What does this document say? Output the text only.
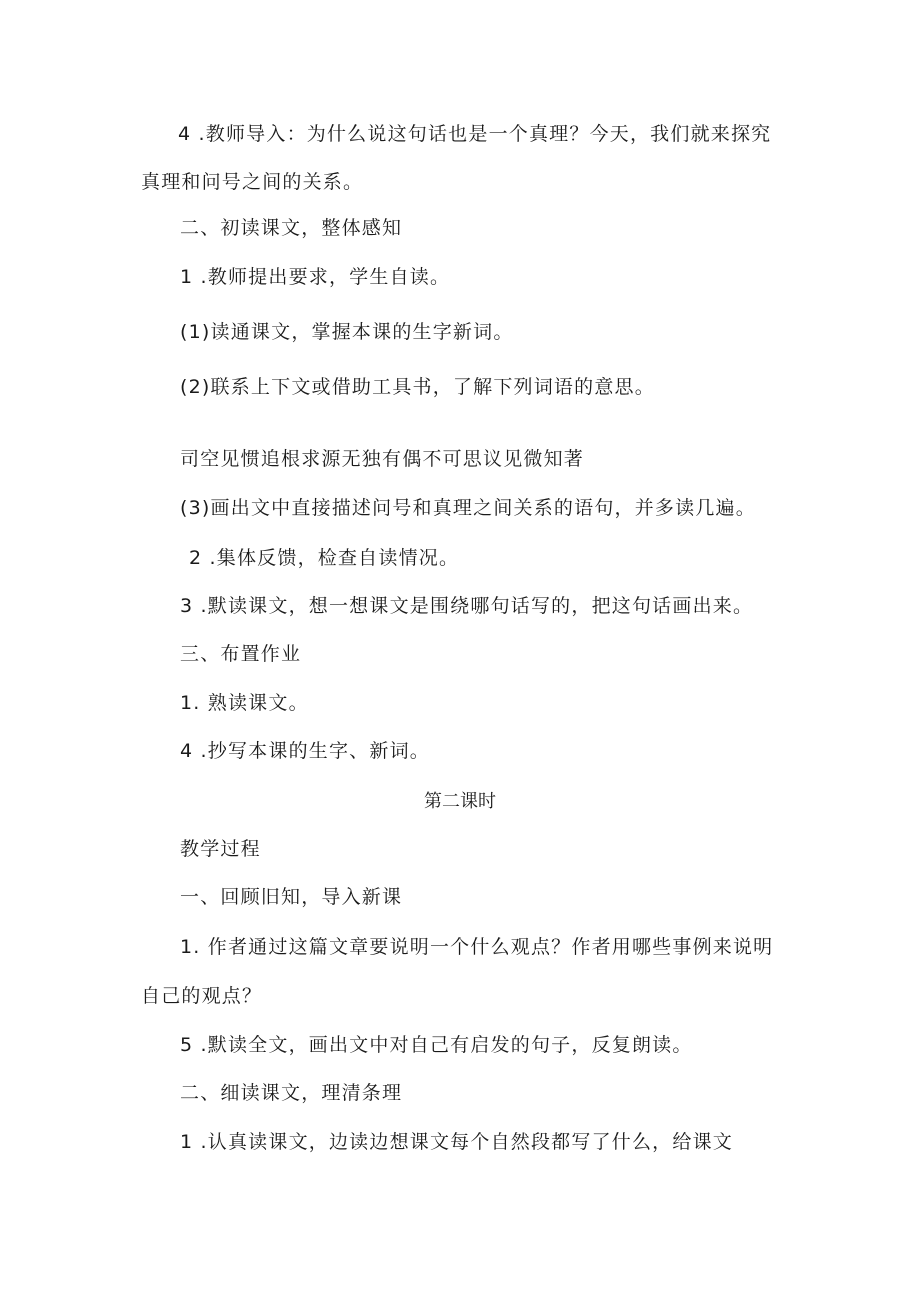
4 .教师导入：为什么说这句话也是一个真理？今天，我们就来探究
真理和问号之间的关系。
二、初读课文，整体感知
1 .教师提出要求，学生自读。
(1)读通课文，掌握本课的生字新词。
(2)联系上下文或借助工具书，了解下列词语的意思。
司空见惯追根求源无独有偶不可思议见微知著
(3)画出文中直接描述问号和真理之间关系的语句，并多读几遍。
2 .集体反馈，检查自读情况。
3 .默读课文，想一想课文是围绕哪句话写的，把这句话画出来。
三、布置作业
1. 熟读课文。
4 .抄写本课的生字、新词。
第二课时
教学过程
一、回顾旧知，导入新课
1. 作者通过这篇文章要说明一个什么观点？作者用哪些事例来说明
自己的观点？
5 .默读全文，画出文中对自己有启发的句子，反复朗读。
二、细读课文，理清条理
1 .认真读课文，边读边想课文每个自然段都写了什么，给课文
